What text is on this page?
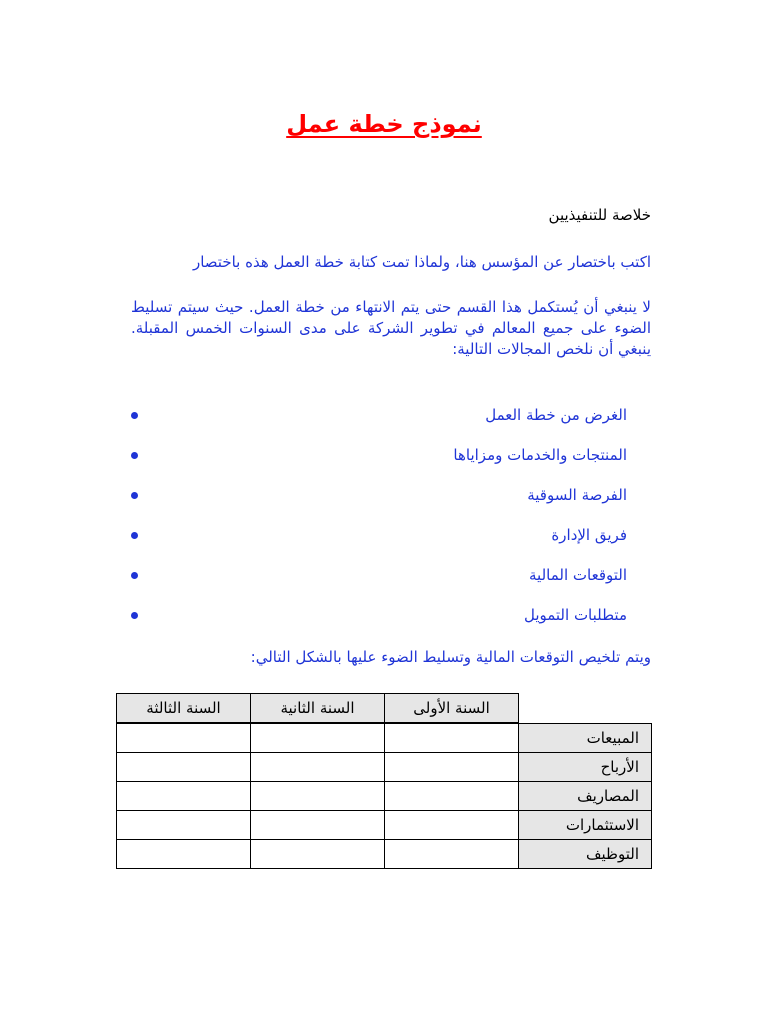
نموذج خطة عمل
خلاصة للتنفيذيين
اكتب باختصار عن المؤسس هنا، ولماذا تمت كتابة خطة العمل هذه باختصار
لا ينبغي أن يُستكمل هذا القسم حتى يتم الانتهاء من خطة العمل. حيث سيتم تسليط الضوء على جميع المعالم في تطوير الشركة على مدى السنوات الخمس المقبلة. ينبغي أن نلخص المجالات التالية:
الغرض من خطة العمل
المنتجات والخدمات ومزاياها
الفرصة السوقية
فريق الإدارة
التوقعات المالية
متطلبات التمويل
ويتم تلخيص التوقعات المالية وتسليط الضوء عليها بالشكل التالي:
السنة الثالثة	السنة الثانية	السنة الأولى
المبيعات
الأرباح
المصاريف
الاستثمارات
التوظيف
